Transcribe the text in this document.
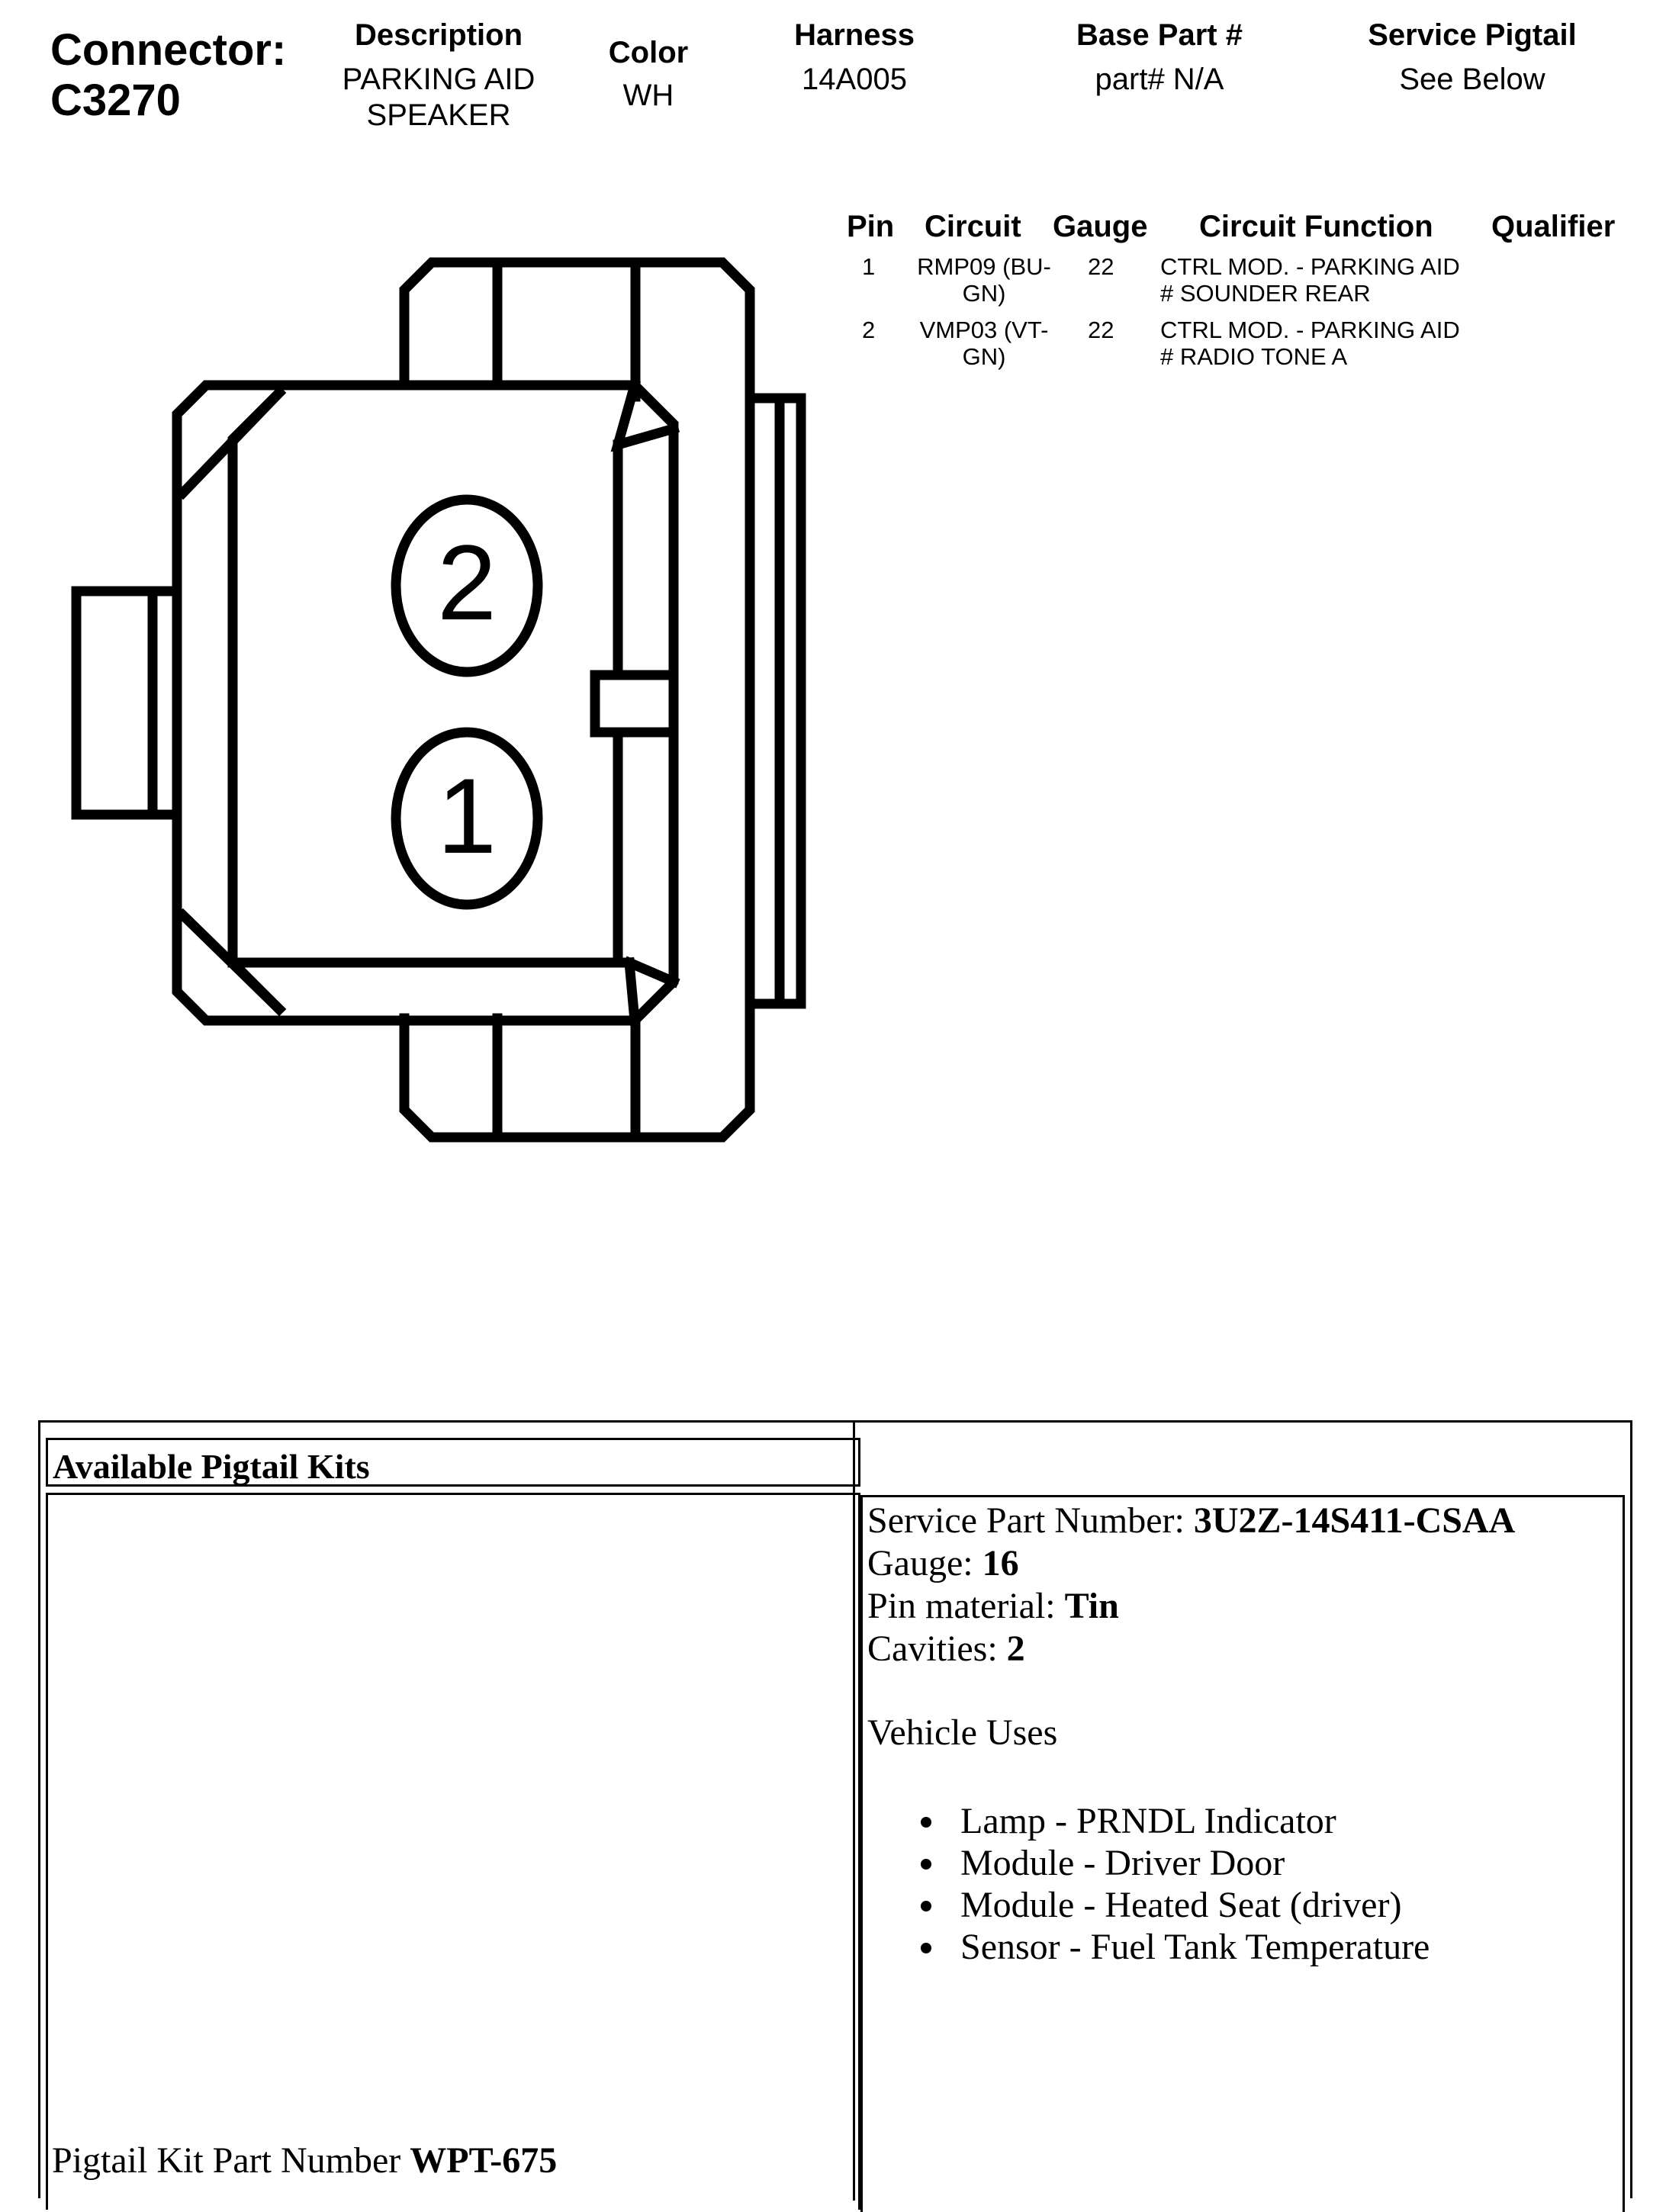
Connector:
C3270
Description
PARKING AID
SPEAKER
Color
WH
Harness
14A005
Base Part #
part# N/A
Service Pigtail
See Below
Pin Circuit Gauge Circuit Function Qualifier
1	RMP09 (BU-
GN)
22 CTRL MOD. - PARKING AID
# SOUNDER REAR
2	VMP03 (VT-
GN)
22 CTRL MOD. - PARKING AID
# RADIO TONE A
2
1
Available Pigtail Kits
Pigtail Kit Part Number WPT-675
Service Part Number: 3U2Z-14S411-CSAA
Gauge: 16
Pin material: Tin
Cavities: 2
Vehicle Uses
Lamp - PRNDL Indicator
Module - Driver Door
Module - Heated Seat (driver)
Sensor - Fuel Tank Temperature
